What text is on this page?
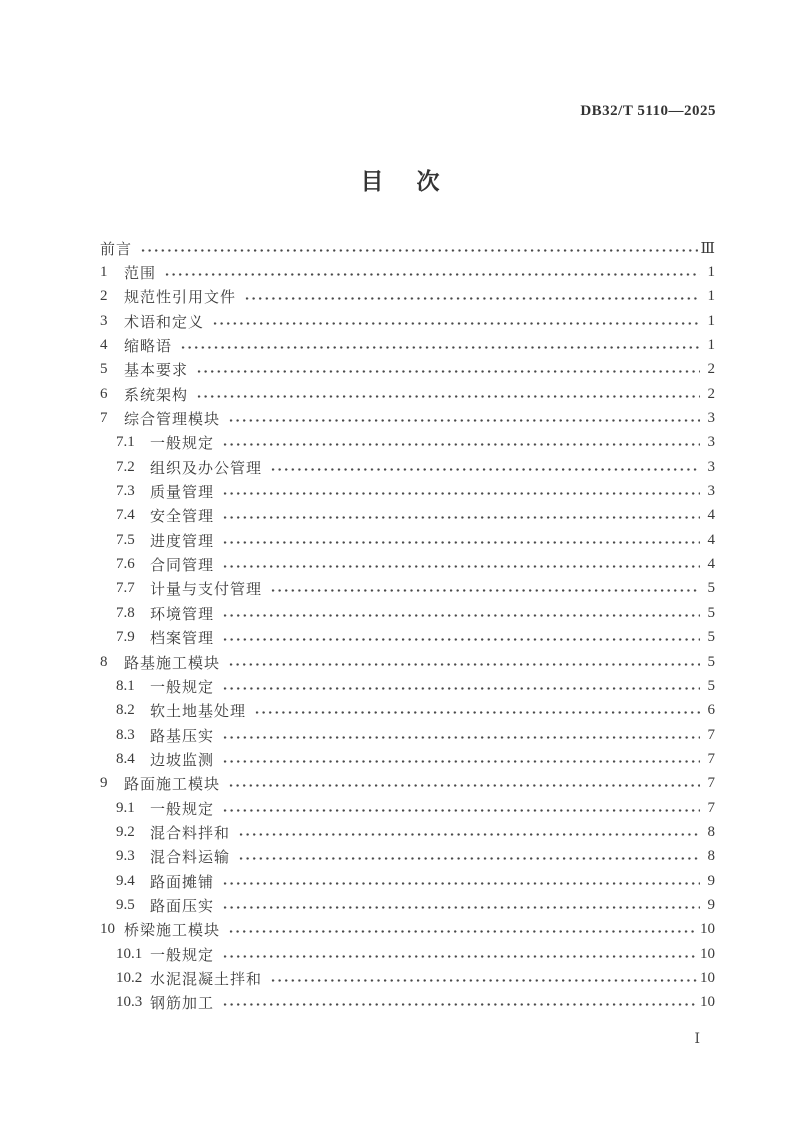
DB32/T 5110—2025
目　次
前言	Ⅲ
1	范围	1
2	规范性引用文件	1
3	术语和定义	1
4	缩略语	1
5	基本要求	2
6	系统架构	2
7	综合管理模块	3
7.1	一般规定	3
7.2	组织及办公管理	3
7.3	质量管理	3
7.4	安全管理	4
7.5	进度管理	4
7.6	合同管理	4
7.7	计量与支付管理	5
7.8	环境管理	5
7.9	档案管理	5
8	路基施工模块	5
8.1	一般规定	5
8.2	软土地基处理	6
8.3	路基压实	7
8.4	边坡监测	7
9	路面施工模块	7
9.1	一般规定	7
9.2	混合料拌和	8
9.3	混合料运输	8
9.4	路面摊铺	9
9.5	路面压实	9
10 桥梁施工模块	10
10.1 一般规定	10
10.2 水泥混凝土拌和	10
10.3 钢筋加工	10
Ⅰ
